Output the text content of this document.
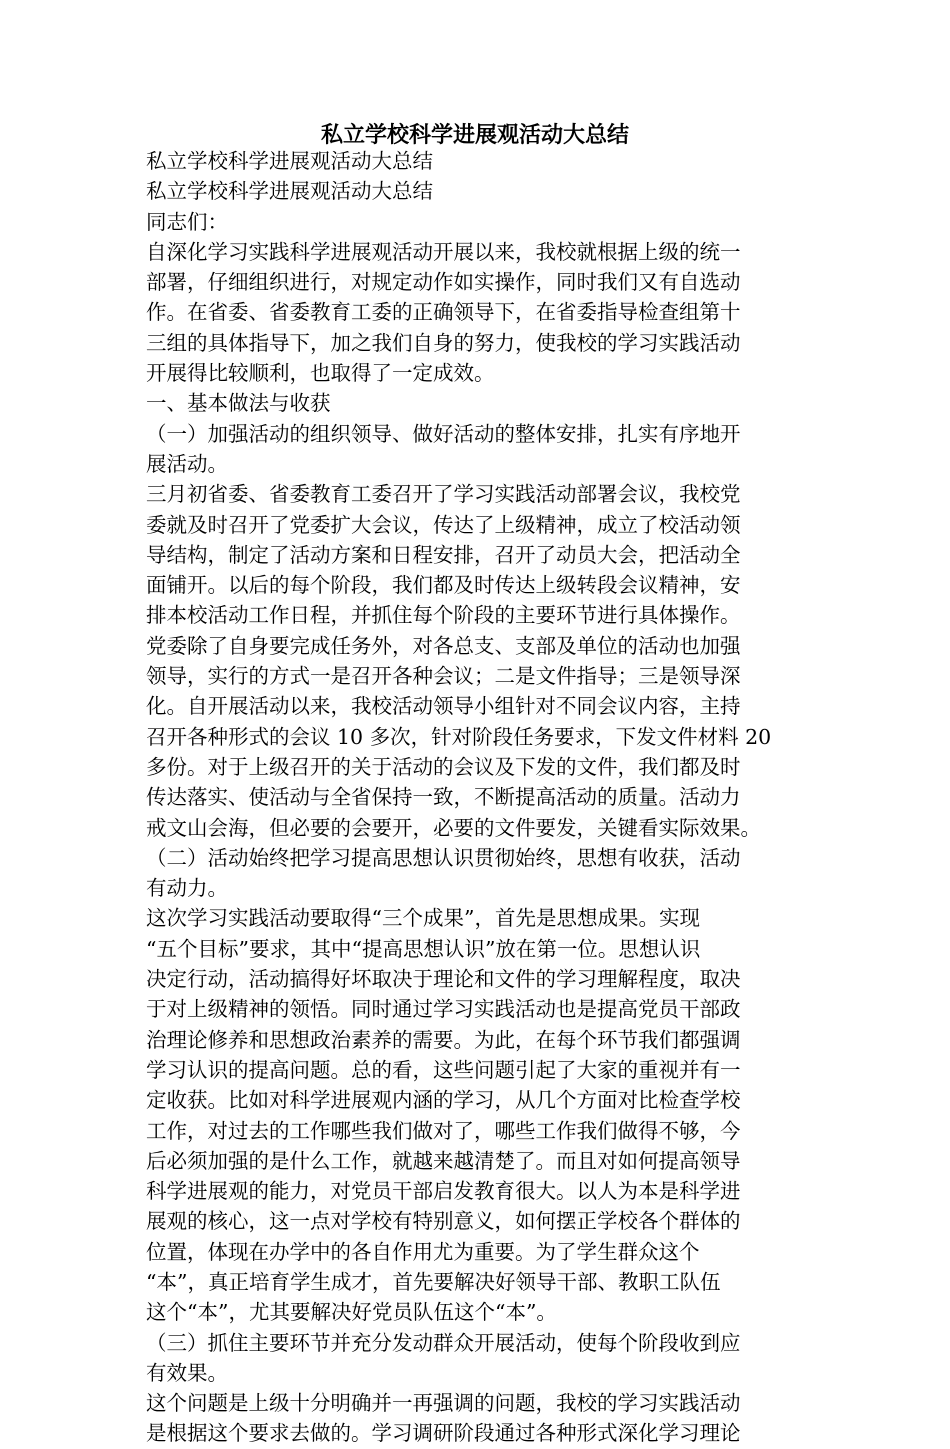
私立学校科学进展观活动大总结
私立学校科学进展观活动大总结
私立学校科学进展观活动大总结
同志们：
自深化学习实践科学进展观活动开展以来，我校就根据上级的统一
部署，仔细组织进行，对规定动作如实操作，同时我们又有自选动
作。在省委、省委教育工委的正确领导下，在省委指导检查组第十
三组的具体指导下，加之我们自身的努力，使我校的学习实践活动
开展得比较顺利，也取得了一定成效。
一、基本做法与收获
（一）加强活动的组织领导、做好活动的整体安排，扎实有序地开
展活动。
三月初省委、省委教育工委召开了学习实践活动部署会议，我校党
委就及时召开了党委扩大会议，传达了上级精神，成立了校活动领
导结构，制定了活动方案和日程安排，召开了动员大会，把活动全
面铺开。以后的每个阶段，我们都及时传达上级转段会议精神，安
排本校活动工作日程，并抓住每个阶段的主要环节进行具体操作。
党委除了自身要完成任务外，对各总支、支部及单位的活动也加强
领导，实行的方式一是召开各种会议；二是文件指导；三是领导深
化。自开展活动以来，我校活动领导小组针对不同会议内容，主持
召开各种形式的会议 10 多次，针对阶段任务要求，下发文件材料 20
多份。对于上级召开的关于活动的会议及下发的文件，我们都及时
传达落实、使活动与全省保持一致，不断提高活动的质量。活动力
戒文山会海，但必要的会要开，必要的文件要发，关键看实际效果。
（二）活动始终把学习提高思想认识贯彻始终，思想有收获，活动
有动力。
这次学习实践活动要取得“三个成果”，首先是思想成果。实现
“五个目标”要求，其中“提高思想认识”放在第一位。思想认识
决定行动，活动搞得好坏取决于理论和文件的学习理解程度，取决
于对上级精神的领悟。同时通过学习实践活动也是提高党员干部政
治理论修养和思想政治素养的需要。为此，在每个环节我们都强调
学习认识的提高问题。总的看，这些问题引起了大家的重视并有一
定收获。比如对科学进展观内涵的学习，从几个方面对比检查学校
工作，对过去的工作哪些我们做对了，哪些工作我们做得不够，今
后必须加强的是什么工作，就越来越清楚了。而且对如何提高领导
科学进展观的能力，对党员干部启发教育很大。以人为本是科学进
展观的核心，这一点对学校有特别意义，如何摆正学校各个群体的
位置，体现在办学中的各自作用尤为重要。为了学生群众这个
“本”，真正培育学生成才，首先要解决好领导干部、教职工队伍
这个“本”，尤其要解决好党员队伍这个“本”。
（三）抓住主要环节并充分发动群众开展活动，使每个阶段收到应
有效果。
这个问题是上级十分明确并一再强调的问题，我校的学习实践活动
是根据这个要求去做的。学习调研阶段通过各种形式深化学习理论
